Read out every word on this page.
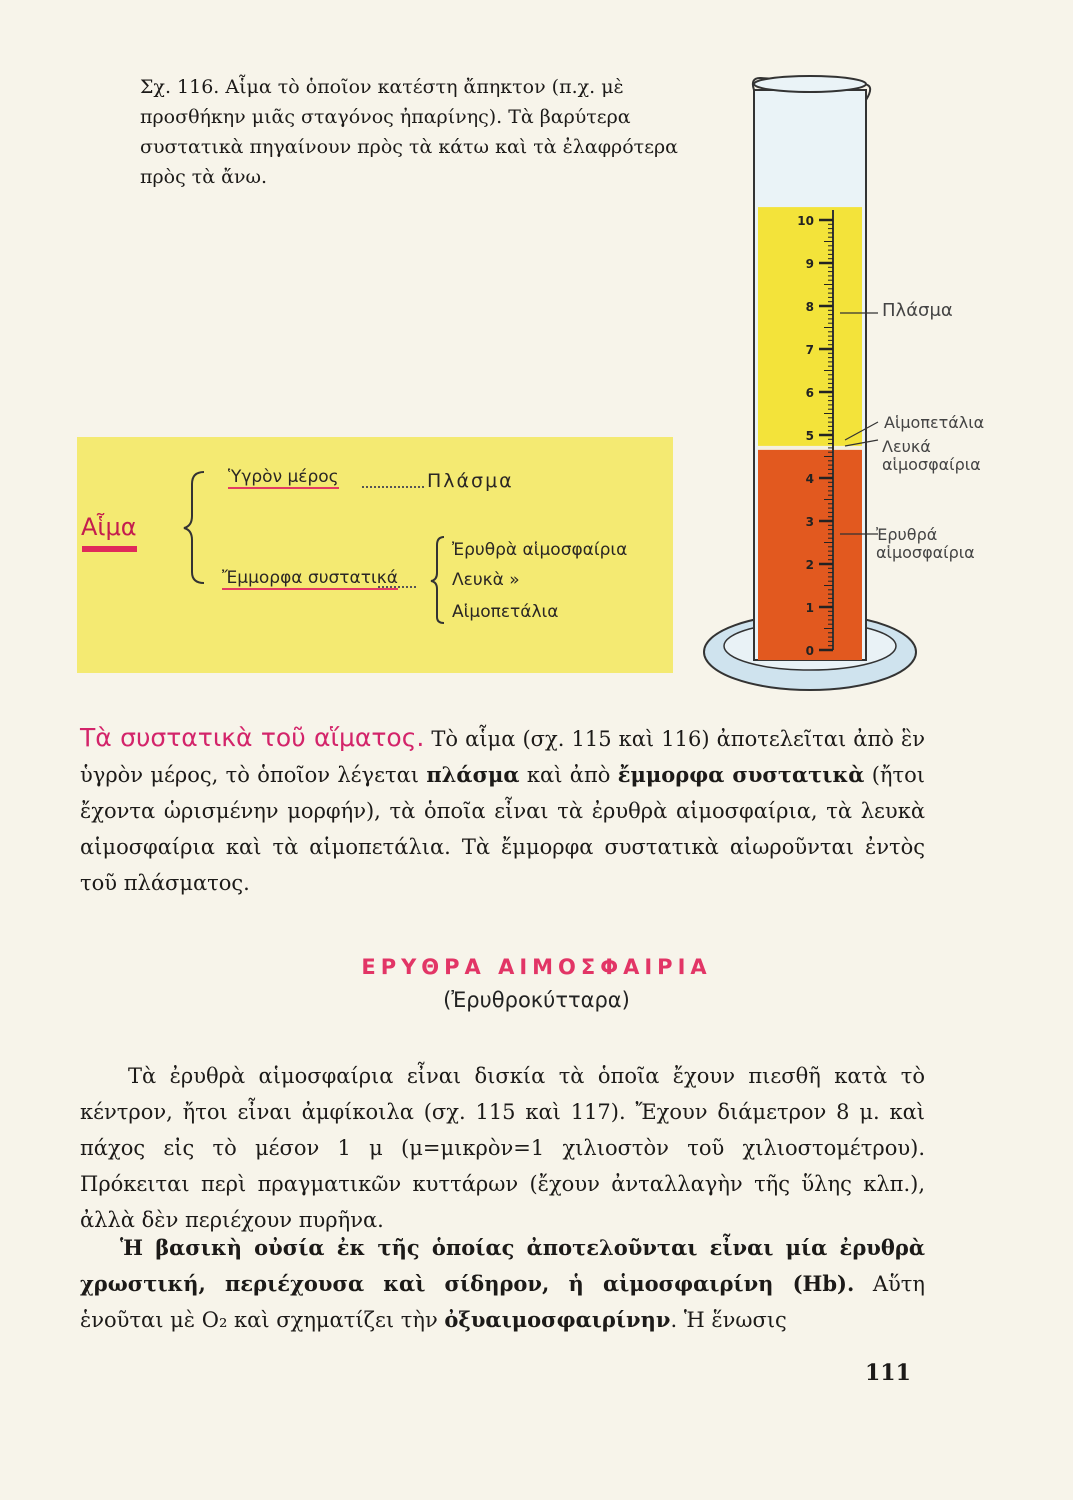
Σχ. 116. Αἷμα τὸ ὁποῖον κατέστη ἄπηκτον (π.χ. μὲ προσθήκην μιᾶς σταγόνος ἠπαρίνης). Τὰ βαρύτερα συστατικὰ πηγαίνουν πρὸς τὰ κάτω καὶ τὰ ἐλαφρότερα πρὸς τὰ ἄνω.
Αἷμα
Ὑγρὸν μέρος	Πλάσμα
Ἔμμορφα συστατικά
Ἐρυθρὰ αἱμοσφαίρια
Λευκὰ »
Αἱμοπετάλια
10
9
8
7
6
5
4
3
2
1
0
Πλάσμα
Αἱμοπετάλια
Λευκά
αἱμοσφαίρια
Ἐρυθρά
αἱμοσφαίρια
Τὰ συστατικὰ τοῦ αἵματος. Τὸ αἷμα (σχ. 115 καὶ 116) ἀποτελεῖται ἀπὸ ἓν ὑγρὸν μέρος, τὸ ὁποῖον λέγεται πλάσμα καὶ ἀπὸ ἔμμορφα συστατικὰ (ἤτοι ἔχοντα ὡρισμένην μορφήν), τὰ ὁποῖα εἶναι τὰ ἐρυθρὰ αἱμοσφαίρια, τὰ λευκὰ αἱμοσφαίρια καὶ τὰ αἱμοπετάλια. Τὰ ἔμμορφα συστατικὰ αἰωροῦνται ἐντὸς τοῦ πλάσματος.
ΕΡΥΘΡΑ ΑΙΜΟΣΦΑΙΡΙΑ
(Ἐρυθροκύτταρα)
Τὰ ἐρυθρὰ αἱμοσφαίρια εἶναι δισκία τὰ ὁποῖα ἔχουν πιεσθῆ κατὰ τὸ κέντρον, ἤτοι εἶναι ἀμφίκοιλα (σχ. 115 καὶ 117). Ἔχουν διάμετρον 8 μ. καὶ πάχος εἰς τὸ μέσον 1 μ (μ=μικρὸν=1 χιλιοστὸν τοῦ χιλιοστομέτρου). Πρόκειται περὶ πραγματικῶν κυττάρων (ἔχουν ἀνταλλαγὴν τῆς ὕλης κλπ.), ἀλλὰ δὲν περιέχουν πυρῆνα.
Ἡ βασικὴ οὐσία ἐκ τῆς ὁποίας ἀποτελοῦνται εἶναι μία ἐρυθρὰ χρωστική, περιέχουσα καὶ σίδηρον, ἡ αἱμοσφαιρίνη (Hb). Αὕτη ἑνοῦται μὲ O₂ καὶ σχηματίζει τὴν ὀξυαιμοσφαιρίνην. Ἡ ἕνωσις
111
